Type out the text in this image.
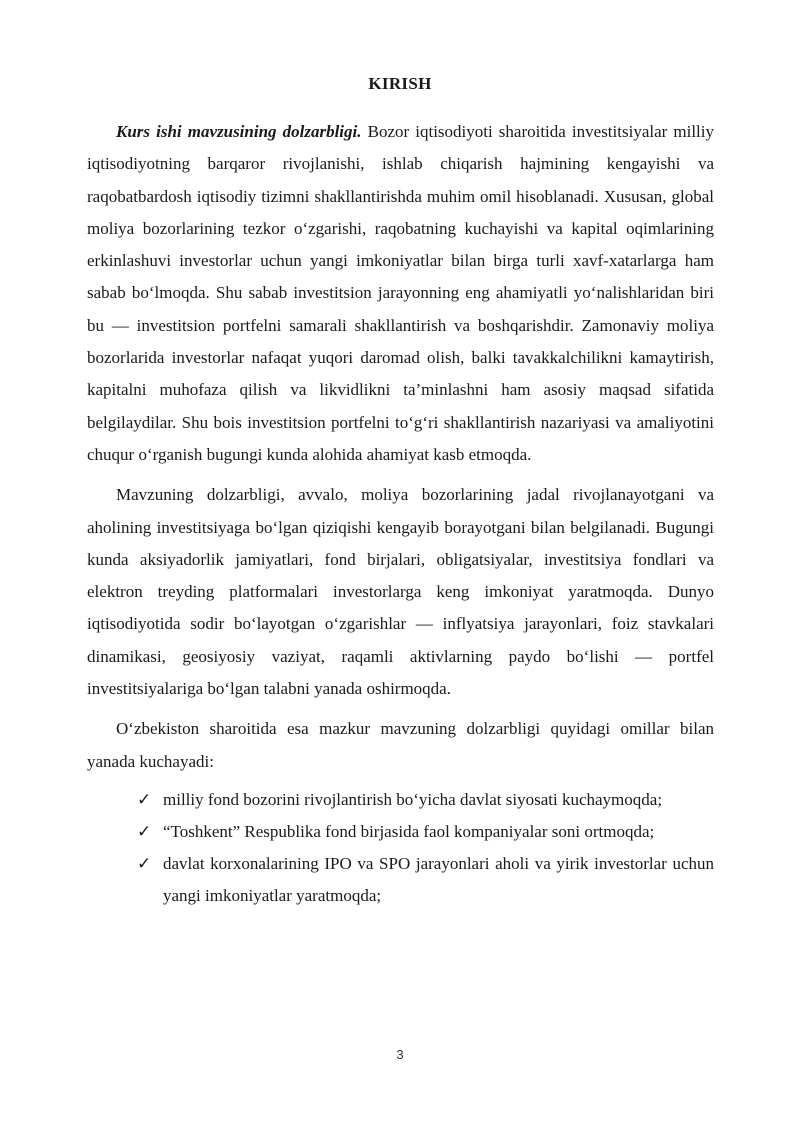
KIRISH

Kurs ishi mavzusining dolzarbligi. Bozor iqtisodiyoti sharoitida investitsiyalar milliy iqtisodiyotning barqaror rivojlanishi, ishlab chiqarish hajmining kengayishi va raqobatbardosh iqtisodiy tizimni shakllantirishda muhim omil hisoblanadi. Xususan, global moliya bozorlarining tezkor o‘zgarishi, raqobatning kuchayishi va kapital oqimlarining erkinlashuvi investorlar uchun yangi imkoniyatlar bilan birga turli xavf-xatarlarga ham sabab bo‘lmoqda. Shu sabab investitsion jarayonning eng ahamiyatli yo‘nalishlaridan biri bu — investitsion portfelni samarali shakllantirish va boshqarishdir. Zamonaviy moliya bozorlarida investorlar nafaqat yuqori daromad olish, balki tavakkalchilikni kamaytirish, kapitalni muhofaza qilish va likvidlikni ta’minlashni ham asosiy maqsad sifatida belgilaydilar. Shu bois investitsion portfelni to‘g‘ri shakllantirish nazariyasi va amaliyotini chuqur o‘rganish bugungi kunda alohida ahamiyat kasb etmoqda.

Mavzuning dolzarbligi, avvalo, moliya bozorlarining jadal rivojlanayotgani va aholining investitsiyaga bo‘lgan qiziqishi kengayib borayotgani bilan belgilanadi. Bugungi kunda aksiyadorlik jamiyatlari, fond birjalari, obligatsiyalar, investitsiya fondlari va elektron treyding platformalari investorlarga keng imkoniyat yaratmoqda. Dunyo iqtisodiyotida sodir bo‘layotgan o‘zgarishlar — inflyatsiya jarayonlari, foiz stavkalari dinamikasi, geosiyosiy vaziyat, raqamli aktivlarning paydo bo‘lishi — portfel investitsiyalariga bo‘lgan talabni yanada oshirmoqda.

O‘zbekiston sharoitida esa mazkur mavzuning dolzarbligi quyidagi omillar bilan yanada kuchayadi:

✓ milliy fond bozorini rivojlantirish bo‘yicha davlat siyosati kuchaymoqda;
✓ “Toshkent” Respublika fond birjasida faol kompaniyalar soni ortmoqda;
✓ davlat korxonalarining IPO va SPO jarayonlari aholi va yirik investorlar uchun yangi imkoniyatlar yaratmoqda;
3
